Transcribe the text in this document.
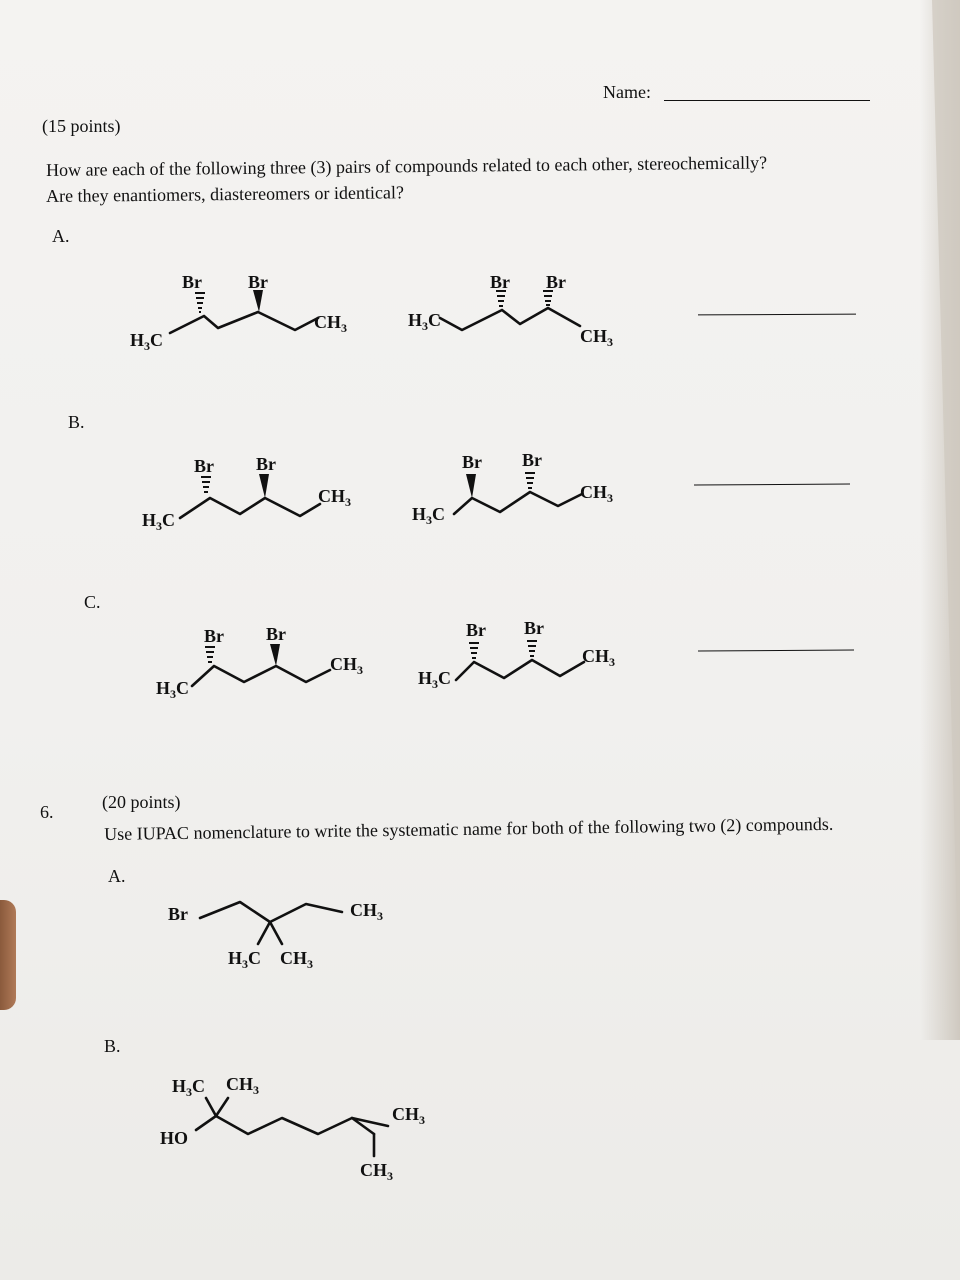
Name:
(15 points)
How are each of the following three (3) pairs of compounds related to each other, stereochemically?
Are they enantiomers, diastereomers or identical?
A.
B.
C.
6.	(20 points)
Use IUPAC nomenclature to write the systematic name for both of the following two (2) compounds.
A.
B.
Br	Br
$CH_3$
$H_3C$
Br Br
$H_3C$
$CH_3$
Br Br
$CH_3$
$H_3C$
Br Br
$CH_3$
$H_3C$
Br Br
$CH_3$
$H_3C$
Br Br
$CH_3$
$H_3C$
Br	$CH_3$
$H_3C$ $CH_3$
$H_3C$ $CH_3$
HO
$CH_3$
$CH_3$
